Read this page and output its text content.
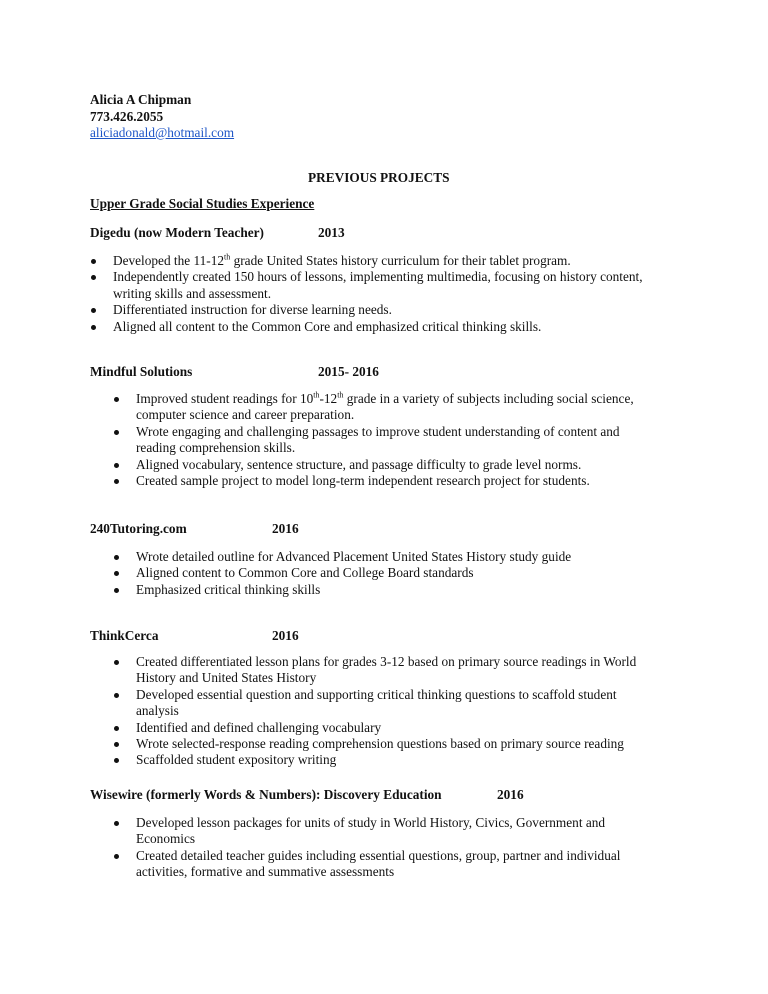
Alicia A Chipman
773.426.2055
aliciadonald@hotmail.com
PREVIOUS PROJECTS
Upper Grade Social Studies Experience
Digedu (now Modern Teacher)	2013
Developed the 11-12th grade United States history curriculum for their tablet program.
Independently created 150 hours of lessons, implementing multimedia, focusing on history content,
writing skills and assessment.
Differentiated instruction for diverse learning needs.
Aligned all content to the Common Core and emphasized critical thinking skills.
Mindful Solutions	2015- 2016
Improved student readings for 10th-12th grade in a variety of subjects including social science,
computer science and career preparation.
Wrote engaging and challenging passages to improve student understanding of content and
reading comprehension skills.
Aligned vocabulary, sentence structure, and passage difficulty to grade level norms.
Created sample project to model long-term independent research project for students.
240Tutoring.com	2016
Wrote detailed outline for Advanced Placement United States History study guide
Aligned content to Common Core and College Board standards
Emphasized critical thinking skills
ThinkCerca	2016
Created differentiated lesson plans for grades 3-12 based on primary source readings in World
History and United States History
Developed essential question and supporting critical thinking questions to scaffold student
analysis
Identified and defined challenging vocabulary
Wrote selected-response reading comprehension questions based on primary source reading
Scaffolded student expository writing
Wisewire (formerly Words & Numbers): Discovery Education	2016
Developed lesson packages for units of study in World History, Civics, Government and
Economics
Created detailed teacher guides including essential questions, group, partner and individual
activities, formative and summative assessments
